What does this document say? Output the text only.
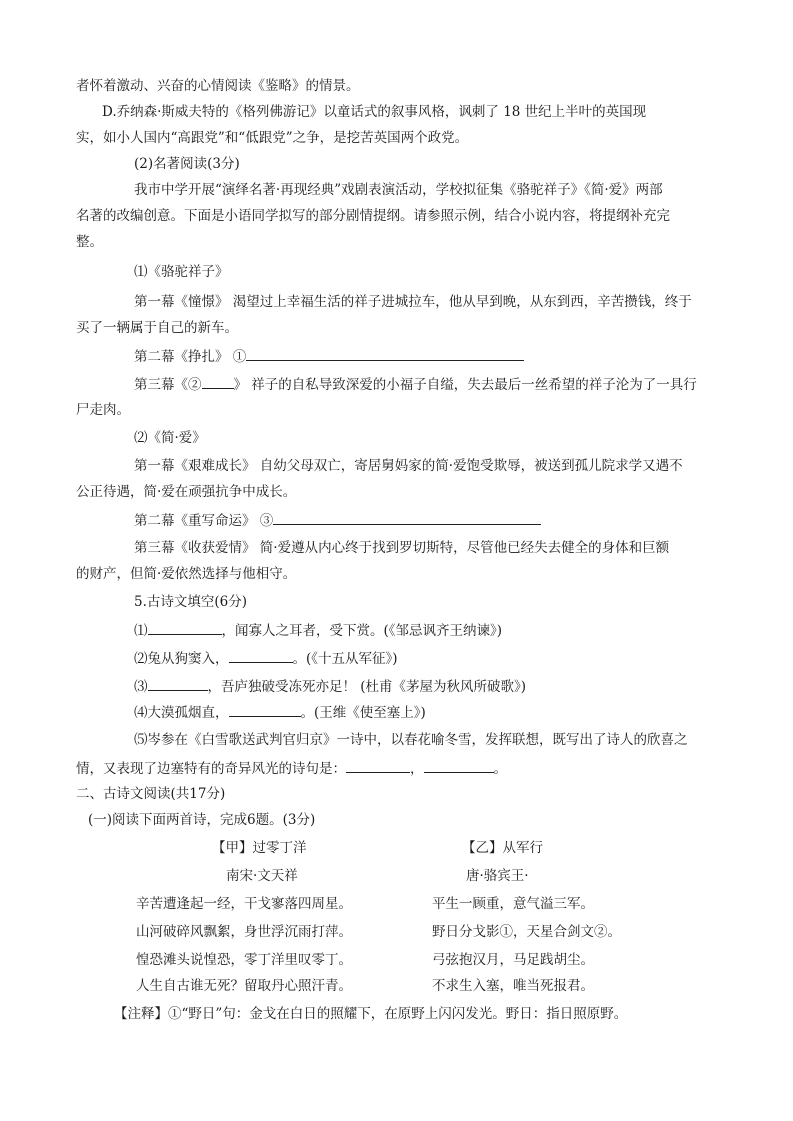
者怀着激动、兴奋的心情阅读《鉴略》的情景。
D.乔纳森·斯威夫特的《格列佛游记》以童话式的叙事风格，讽刺了 18 世纪上半叶的英国现
实，如小人国内“高跟党”和“低跟党”之争，是挖苦英国两个政党。
(2)名著阅读(3分)
我市中学开展“演绎名著·再现经典”戏剧表演活动，学校拟征集《骆驼祥子》《简·爱》两部
名著的改编创意。下面是小语同学拟写的部分剧情提纲。请参照示例，结合小说内容，将提纲补充完
整。
⑴《骆驼祥子》
第一幕《憧憬》 渴望过上幸福生活的祥子进城拉车，他从早到晚，从东到西，辛苦攒钱，终于
买了一辆属于自己的新车。
第二幕《挣扎》 ①
第三幕《② 》 祥子的自私导致深爱的小福子自缢，失去最后一丝希望的祥子沦为了一具行
尸走肉。
⑵《简·爱》
第一幕《艰难成长》 自幼父母双亡，寄居舅妈家的简·爱饱受欺辱，被送到孤儿院求学又遇不
公正待遇，简·爱在顽强抗争中成长。
第二幕《重写命运》 ③
第三幕《收获爱情》 简·爱遵从内心终于找到罗切斯特，尽管他已经失去健全的身体和巨额
的财产，但简·爱依然选择与他相守。
5.古诗文填空(6分)
⑴	，闻寡人之耳者，受下赏。(《邹忌讽齐王纳谏》)
⑵兔从狗窦入，	。(《十五从军征》)
⑶	，吾庐独破受冻死亦足！ (杜甫《茅屋为秋风所破歌》)
⑷大漠孤烟直，	。(王维《使至塞上》)
⑸岑参在《白雪歌送武判官归京》一诗中，以春花喻冬雪，发挥联想，既写出了诗人的欣喜之
情，又表现了边塞特有的奇异风光的诗句是：	，	。
二、古诗文阅读(共17分)
(一)阅读下面两首诗，完成6题。(3分)
【甲】过零丁洋
南宋·文天祥
辛苦遭逢起一经，干戈寥落四周星。
山河破碎风飘絮，身世浮沉雨打萍。
惶恐滩头说惶恐，零丁洋里叹零丁。
人生自古谁无死？留取丹心照汗青。
【乙】从军行
唐·骆宾王·
平生一顾重，意气溢三军。
野日分戈影①，天星合剑文②。
弓弦抱汉月，马足践胡尘。
不求生入塞，唯当死报君。
【注释】①“野日”句：金戈在白日的照耀下，在原野上闪闪发光。野日：指日照原野。
